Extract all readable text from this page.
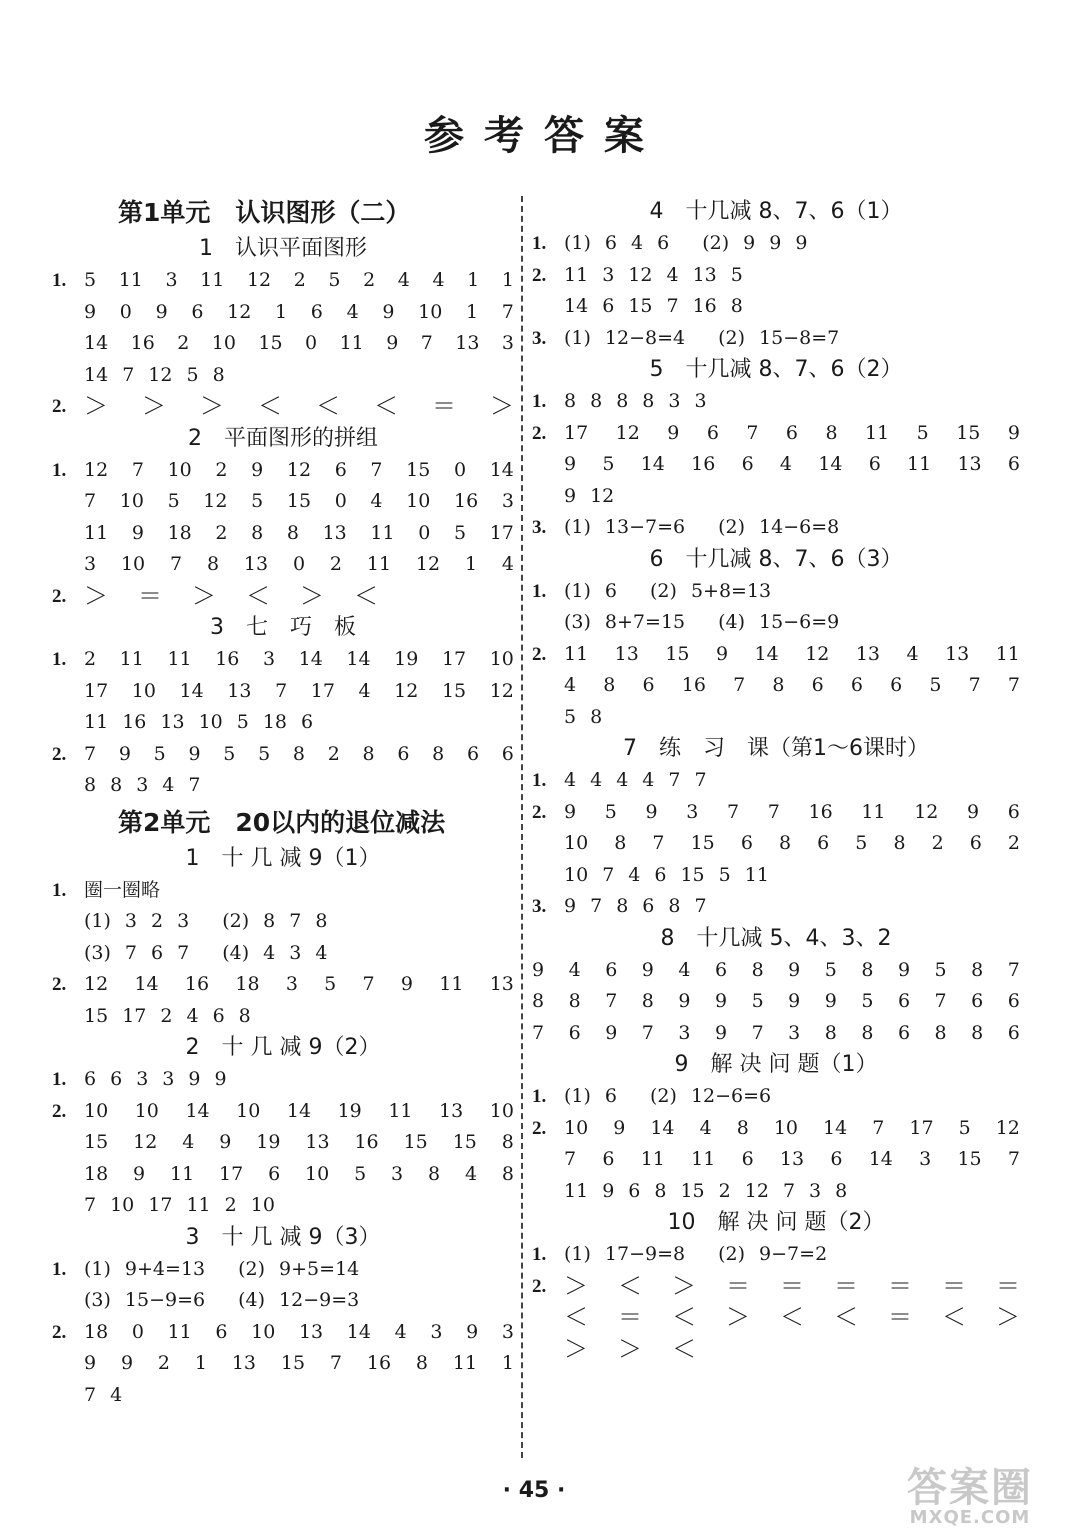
参考答案
第1单元　认识图形（二）
1　认识平面图形
1. 5 11 3 11 12 2 5 2 4 4 1 1
9 0 9 6 12 1 6 4 9 10 1 7
14 16 2 10 15 0 11 9 7 13 3
14 7 12 5 8
2. ＞ ＞ ＞ ＜ ＜ ＜ ＝ ＞
2　平面图形的拼组
1. 12 7 10 2 9 12 6 7 15 0 14
7 10 5 12 5 15 0 4 10 16 3
11 9 18 2 8 8 13 11 0 5 17
3 10 7 8 13 0 2 11 12 1 4
2. ＞ ＝ ＞ ＜ ＞ ＜
3　七　巧　板
1. 2 11 11 16 3 14 14 19 17 10
17 10 14 13 7 17 4 12 15 12
11 16 13 10 5 18 6
2. 7 9 5 9 5 5 8 2 8 6 8 6 6
8 8 3 4 7
第2单元　20以内的退位减法
1　十 几 减 9（1）
1. 圈一圈略
(1) 3 2 3 　(2) 8 7 8
(3) 7 6 7 　(4) 4 3 4
2. 12 14 16 18 3 5 7 9 11 13
15 17 2 4 6 8
2　十 几 减 9（2）
1. 6 6 3 3 9 9
2. 10 10 14 10 14 19 11 13 10
15 12 4 9 19 13 16 15 15 8
18 9 11 17 6 10 5 3 8 4 8
7 10 17 11 2 10
3　十 几 减 9（3）
1. (1) 9+4=13 　(2) 9+5=14
(3) 15−9=6 　(4) 12−9=3
2. 18 0 11 6 10 13 14 4 3 9 3
9 9 2 1 13 15 7 16 8 11 1
7 4
4　十几减 8、7、6（1）
1. (1) 6 4 6 　(2) 9 9 9
2. 11 3 12 4 13 5
14 6 15 7 16 8
3. (1) 12−8=4 　(2) 15−8=7
5　十几减 8、7、6（2）
1. 8 8 8 8 3 3
2. 17 12 9 6 7 6 8 11 5 15 9
9 5 14 16 6 4 14 6 11 13 6
9 12
3. (1) 13−7=6 　(2) 14−6=8
6　十几减 8、7、6（3）
1. (1) 6 　(2) 5+8=13
(3) 8+7=15 　(4) 15−6=9
2. 11 13 15 9 14 12 13 4 13 11
4 8 6 16 7 8 6 6 6 5 7 7
5 8
7　练　习　课（第1～6课时）
1. 4 4 4 4 7 7
2. 9 5 9 3 7 7 16 11 12 9 6
10 8 7 15 6 8 6 5 8 2 6 2
10 7 4 6 15 5 11
3. 9 7 8 6 8 7
8　十几减 5、4、3、2
9 4 6 9 4 6 8 9 5 8 9 5 8 7
8 8 7 8 9 9 5 9 9 5 6 7 6 6
7 6 9 7 3 9 7 3 8 8 6 8 8 6
9　解 决 问 题（1）
1. (1) 6 　(2) 12−6=6
2. 10 9 14 4 8 10 14 7 17 5 12
7 6 11 11 6 13 6 14 3 15 7
11 9 6 8 15 2 12 7 3 8
10　解 决 问 题（2）
1. (1) 17−9=8 　(2) 9−7=2
2. ＞ ＜ ＞ ＝ ＝ ＝ ＝ ＝ ＝
＜ ＝ ＜ ＞ ＜ ＜ ＝ ＜ ＞
＞ ＞ ＜
· 45 ·	答案圈
MXQE.COM
